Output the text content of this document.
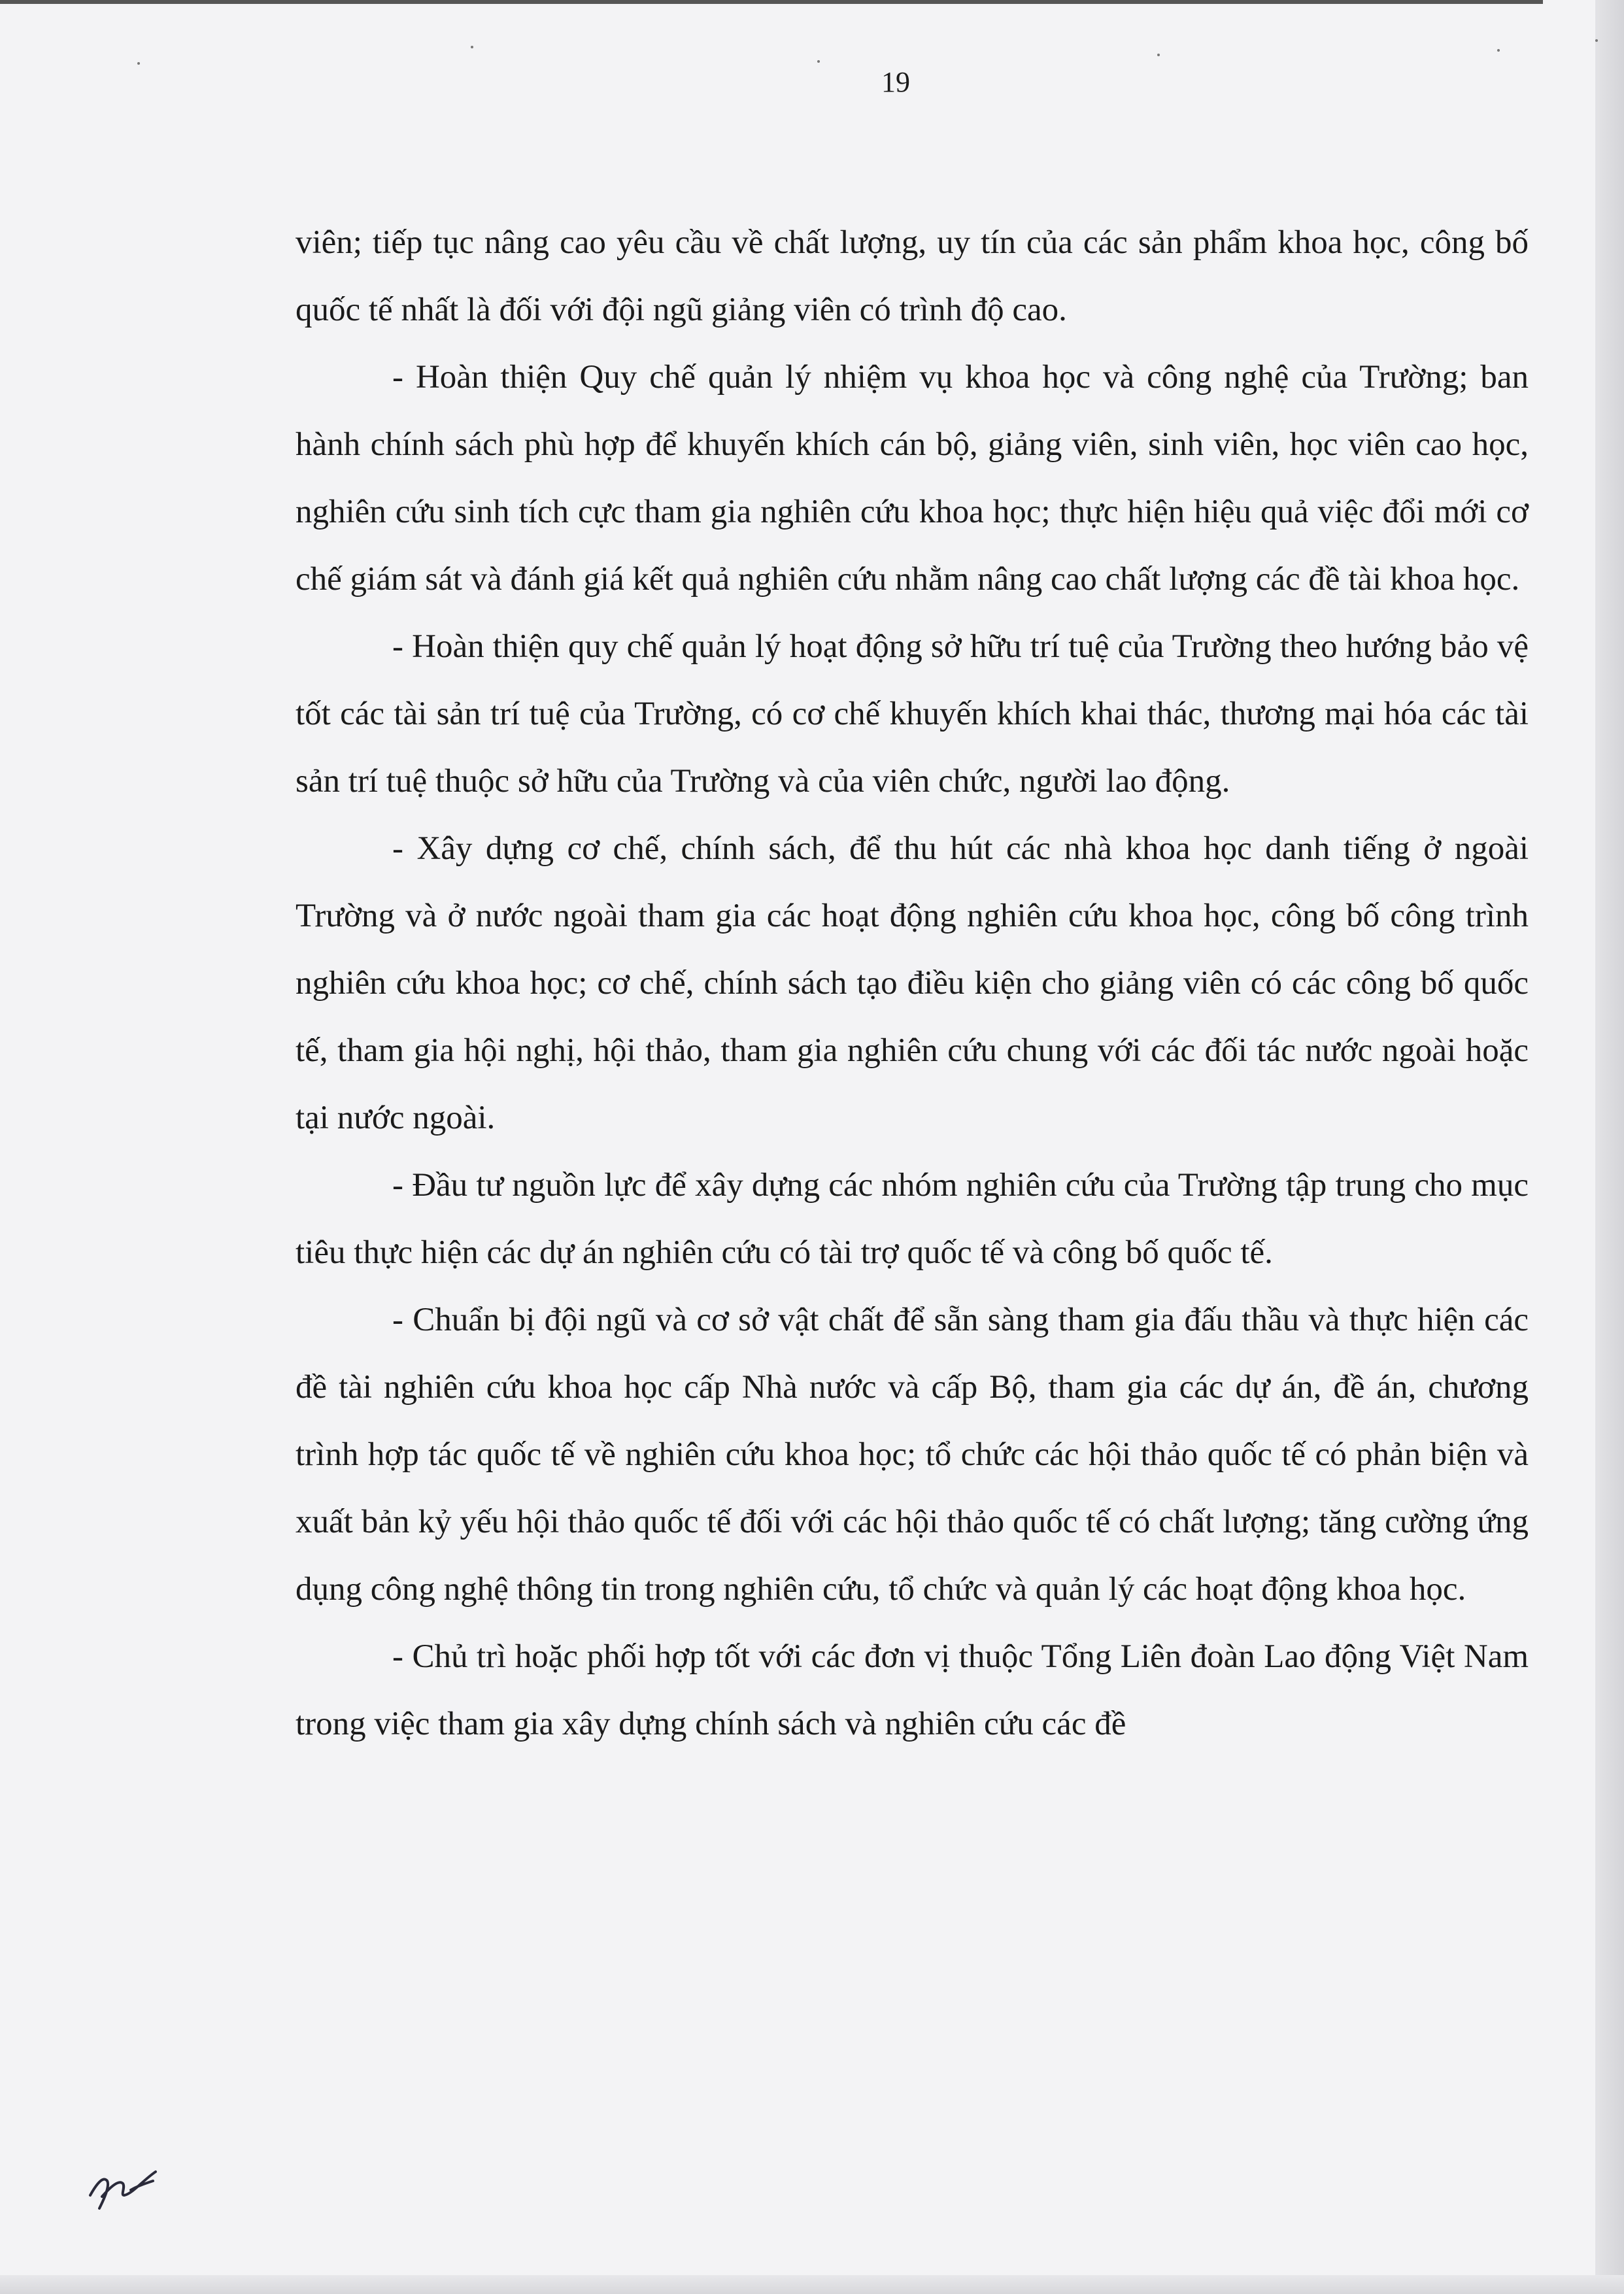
19

viên; tiếp tục nâng cao yêu cầu về chất lượng, uy tín của các sản phẩm khoa học, công bố quốc tế nhất là đối với đội ngũ giảng viên có trình độ cao.

- Hoàn thiện Quy chế quản lý nhiệm vụ khoa học và công nghệ của Trường; ban hành chính sách phù hợp để khuyến khích cán bộ, giảng viên, sinh viên, học viên cao học, nghiên cứu sinh tích cực tham gia nghiên cứu khoa học; thực hiện hiệu quả việc đổi mới cơ chế giám sát và đánh giá kết quả nghiên cứu nhằm nâng cao chất lượng các đề tài khoa học.

- Hoàn thiện quy chế quản lý hoạt động sở hữu trí tuệ của Trường theo hướng bảo vệ tốt các tài sản trí tuệ của Trường, có cơ chế khuyến khích khai thác, thương mại hóa các tài sản trí tuệ thuộc sở hữu của Trường và của viên chức, người lao động.

- Xây dựng cơ chế, chính sách, để thu hút các nhà khoa học danh tiếng ở ngoài Trường và ở nước ngoài tham gia các hoạt động nghiên cứu khoa học, công bố công trình nghiên cứu khoa học; cơ chế, chính sách tạo điều kiện cho giảng viên có các công bố quốc tế, tham gia hội nghị, hội thảo, tham gia nghiên cứu chung với các đối tác nước ngoài hoặc tại nước ngoài.

- Đầu tư nguồn lực để xây dựng các nhóm nghiên cứu của Trường tập trung cho mục tiêu thực hiện các dự án nghiên cứu có tài trợ quốc tế và công bố quốc tế.

- Chuẩn bị đội ngũ và cơ sở vật chất để sẵn sàng tham gia đấu thầu và thực hiện các đề tài nghiên cứu khoa học cấp Nhà nước và cấp Bộ, tham gia các dự án, đề án, chương trình hợp tác quốc tế về nghiên cứu khoa học; tổ chức các hội thảo quốc tế có phản biện và xuất bản kỷ yếu hội thảo quốc tế đối với các hội thảo quốc tế có chất lượng; tăng cường ứng dụng công nghệ thông tin trong nghiên cứu, tổ chức và quản lý các hoạt động khoa học.

- Chủ trì hoặc phối hợp tốt với các đơn vị thuộc Tổng Liên đoàn Lao động Việt Nam trong việc tham gia xây dựng chính sách và nghiên cứu các đề
